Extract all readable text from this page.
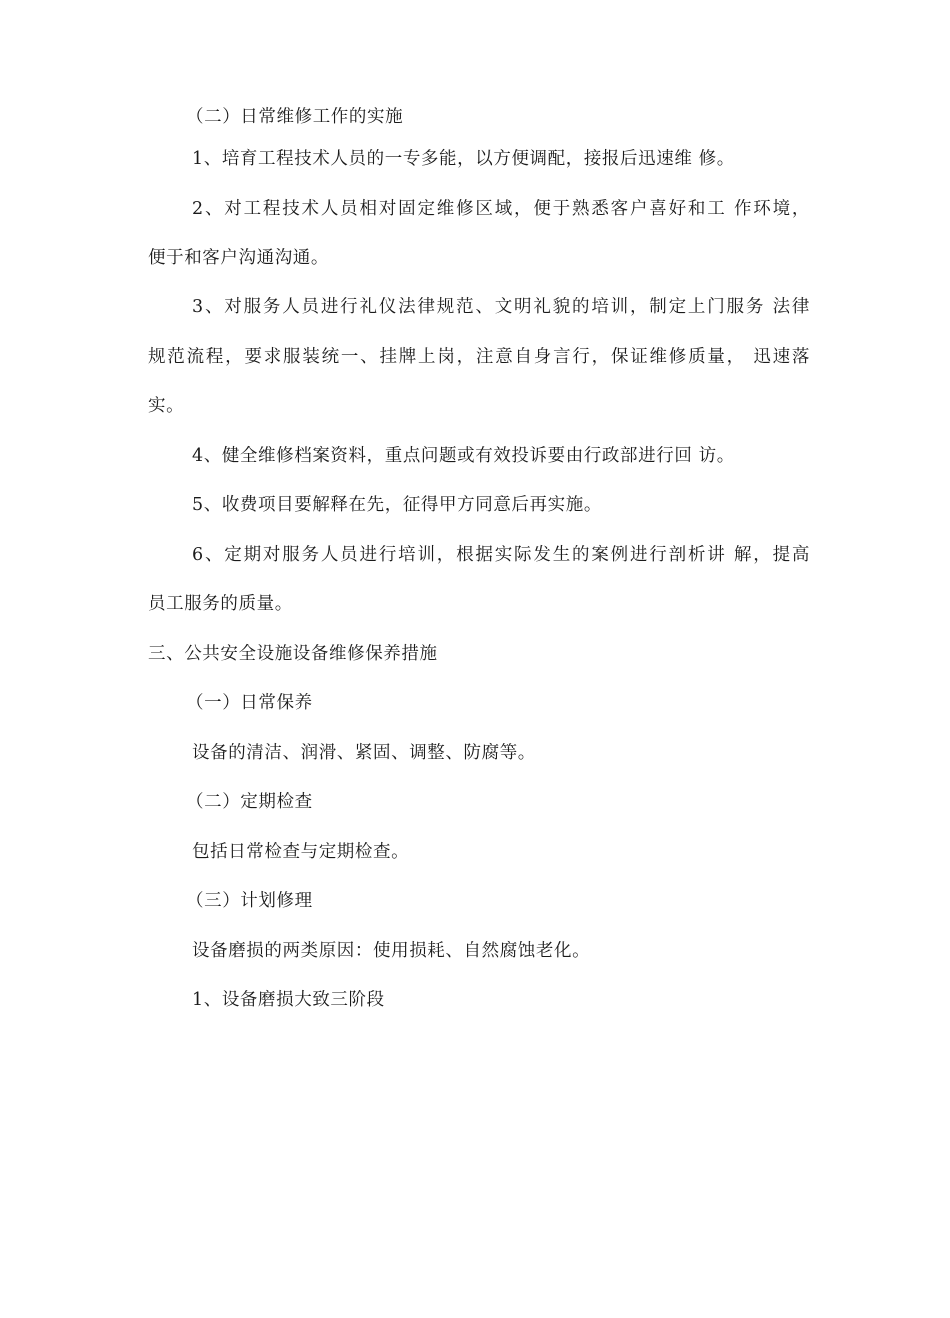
（二）日常维修工作的实施
1、培育工程技术人员的一专多能，以方便调配，接报后迅速维 修。
2、对工程技术人员相对固定维修区域，便于熟悉客户喜好和工 作环境，
便于和客户沟通沟通。
3、对服务人员进行礼仪法律规范、文明礼貌的培训，制定上门服务 法律
规范流程，要求服装统一、挂牌上岗，注意自身言行，保证维修质量， 迅速落
实。
4、健全维修档案资料，重点问题或有效投诉要由行政部进行回 访。
5、收费项目要解释在先，征得甲方同意后再实施。
6、定期对服务人员进行培训，根据实际发生的案例进行剖析讲 解，提高
员工服务的质量。
三、公共安全设施设备维修保养措施
（一）日常保养
设备的清洁、润滑、紧固、调整、防腐等。
（二）定期检查
包括日常检查与定期检查。
（三）计划修理
设备磨损的两类原因：使用损耗、自然腐蚀老化。
1、设备磨损大致三阶段
